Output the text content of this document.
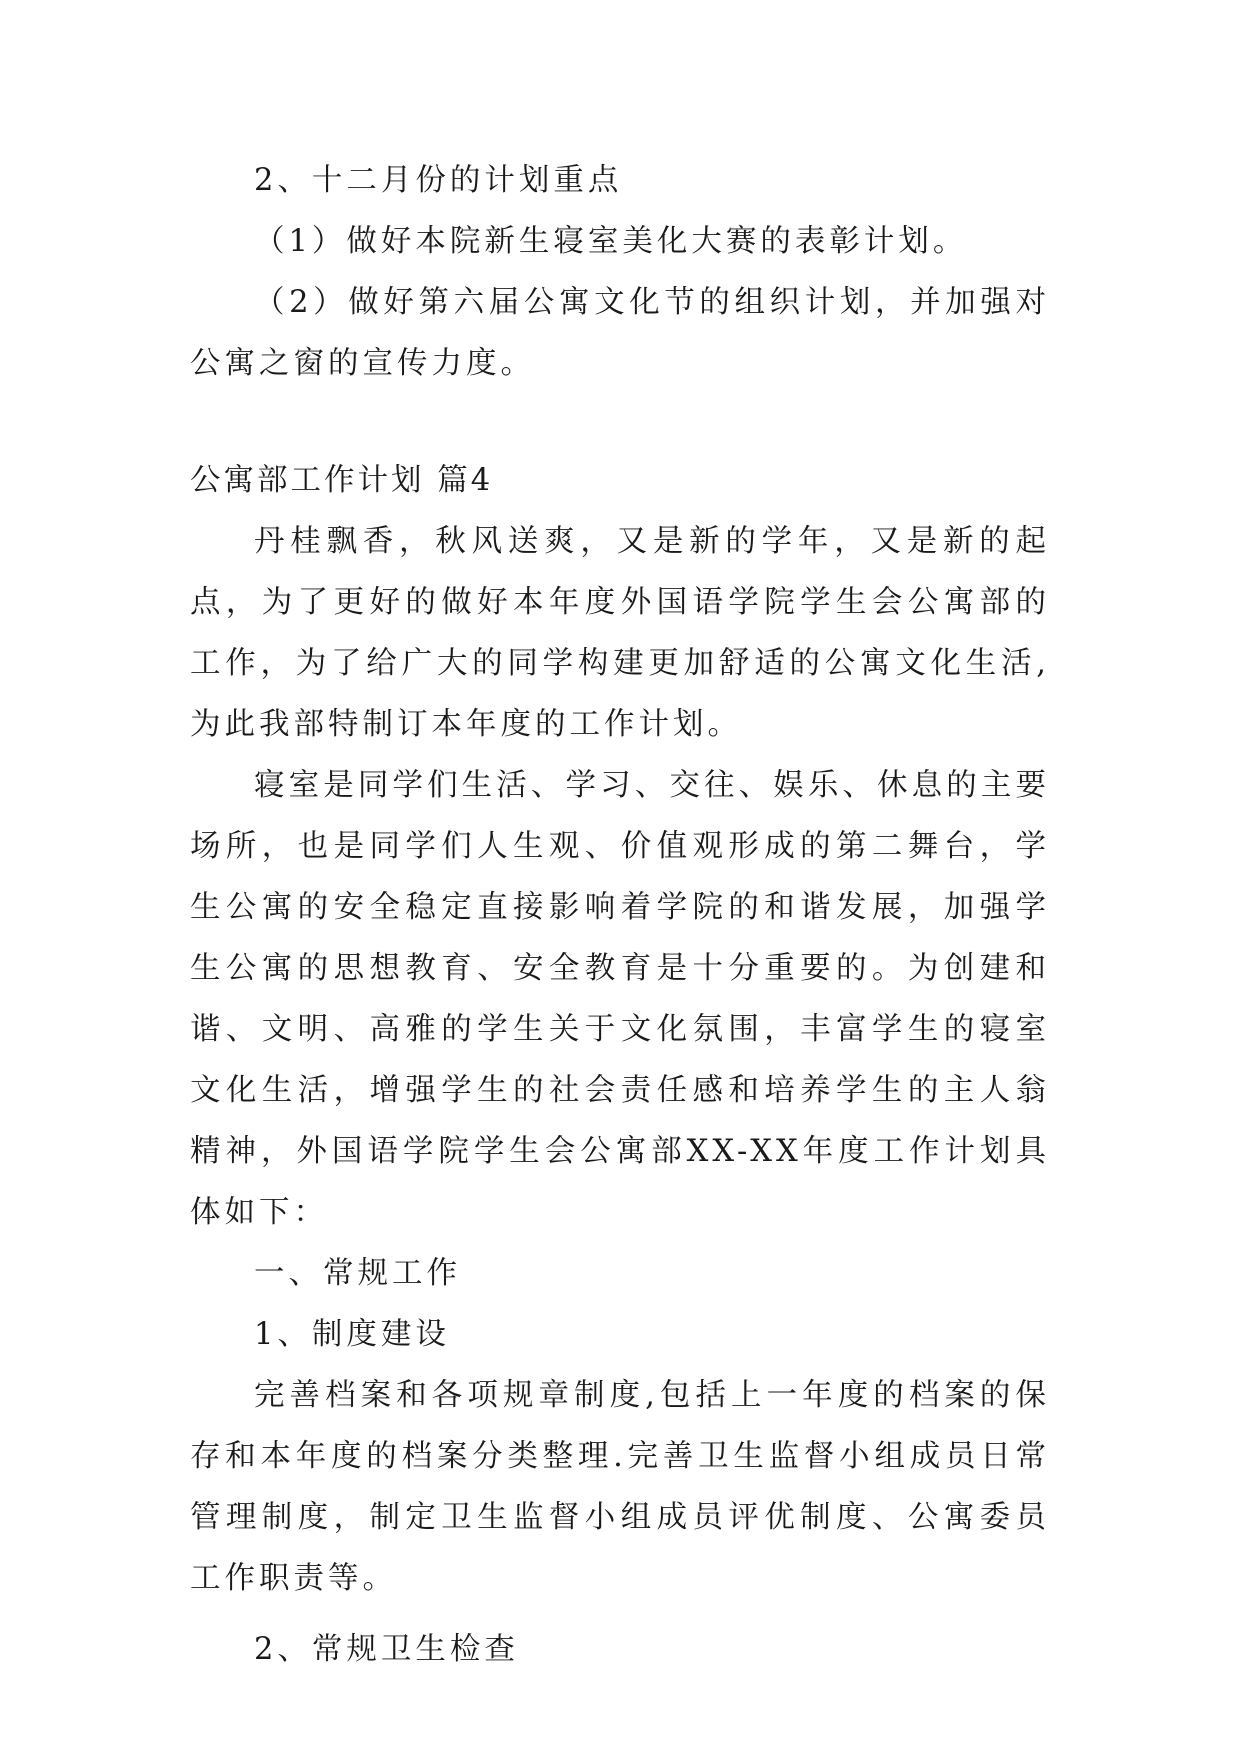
2、十二月份的计划重点

（1）做好本院新生寝室美化大赛的表彰计划。

（2）做好第六届公寓文化节的组织计划，并加强对公寓之窗的宣传力度。

公寓部工作计划 篇4

丹桂飘香，秋风送爽，又是新的学年，又是新的起点，为了更好的做好本年度外国语学院学生会公寓部的工作，为了给广大的同学构建更加舒适的公寓文化生活,为此我部特制订本年度的工作计划。

寝室是同学们生活、学习、交往、娱乐、休息的主要场所，也是同学们人生观、价值观形成的第二舞台，学生公寓的安全稳定直接影响着学院的和谐发展，加强学生公寓的思想教育、安全教育是十分重要的。为创建和谐、文明、高雅的学生关于文化氛围，丰富学生的寝室文化生活，增强学生的社会责任感和培养学生的主人翁精神，外国语学院学生会公寓部XX-XX年度工作计划具体如下：

一、常规工作

1、制度建设

完善档案和各项规章制度,包括上一年度的档案的保存和本年度的档案分类整理.完善卫生监督小组成员日常管理制度，制定卫生监督小组成员评优制度、公寓委员工作职责等。

2、常规卫生检查
